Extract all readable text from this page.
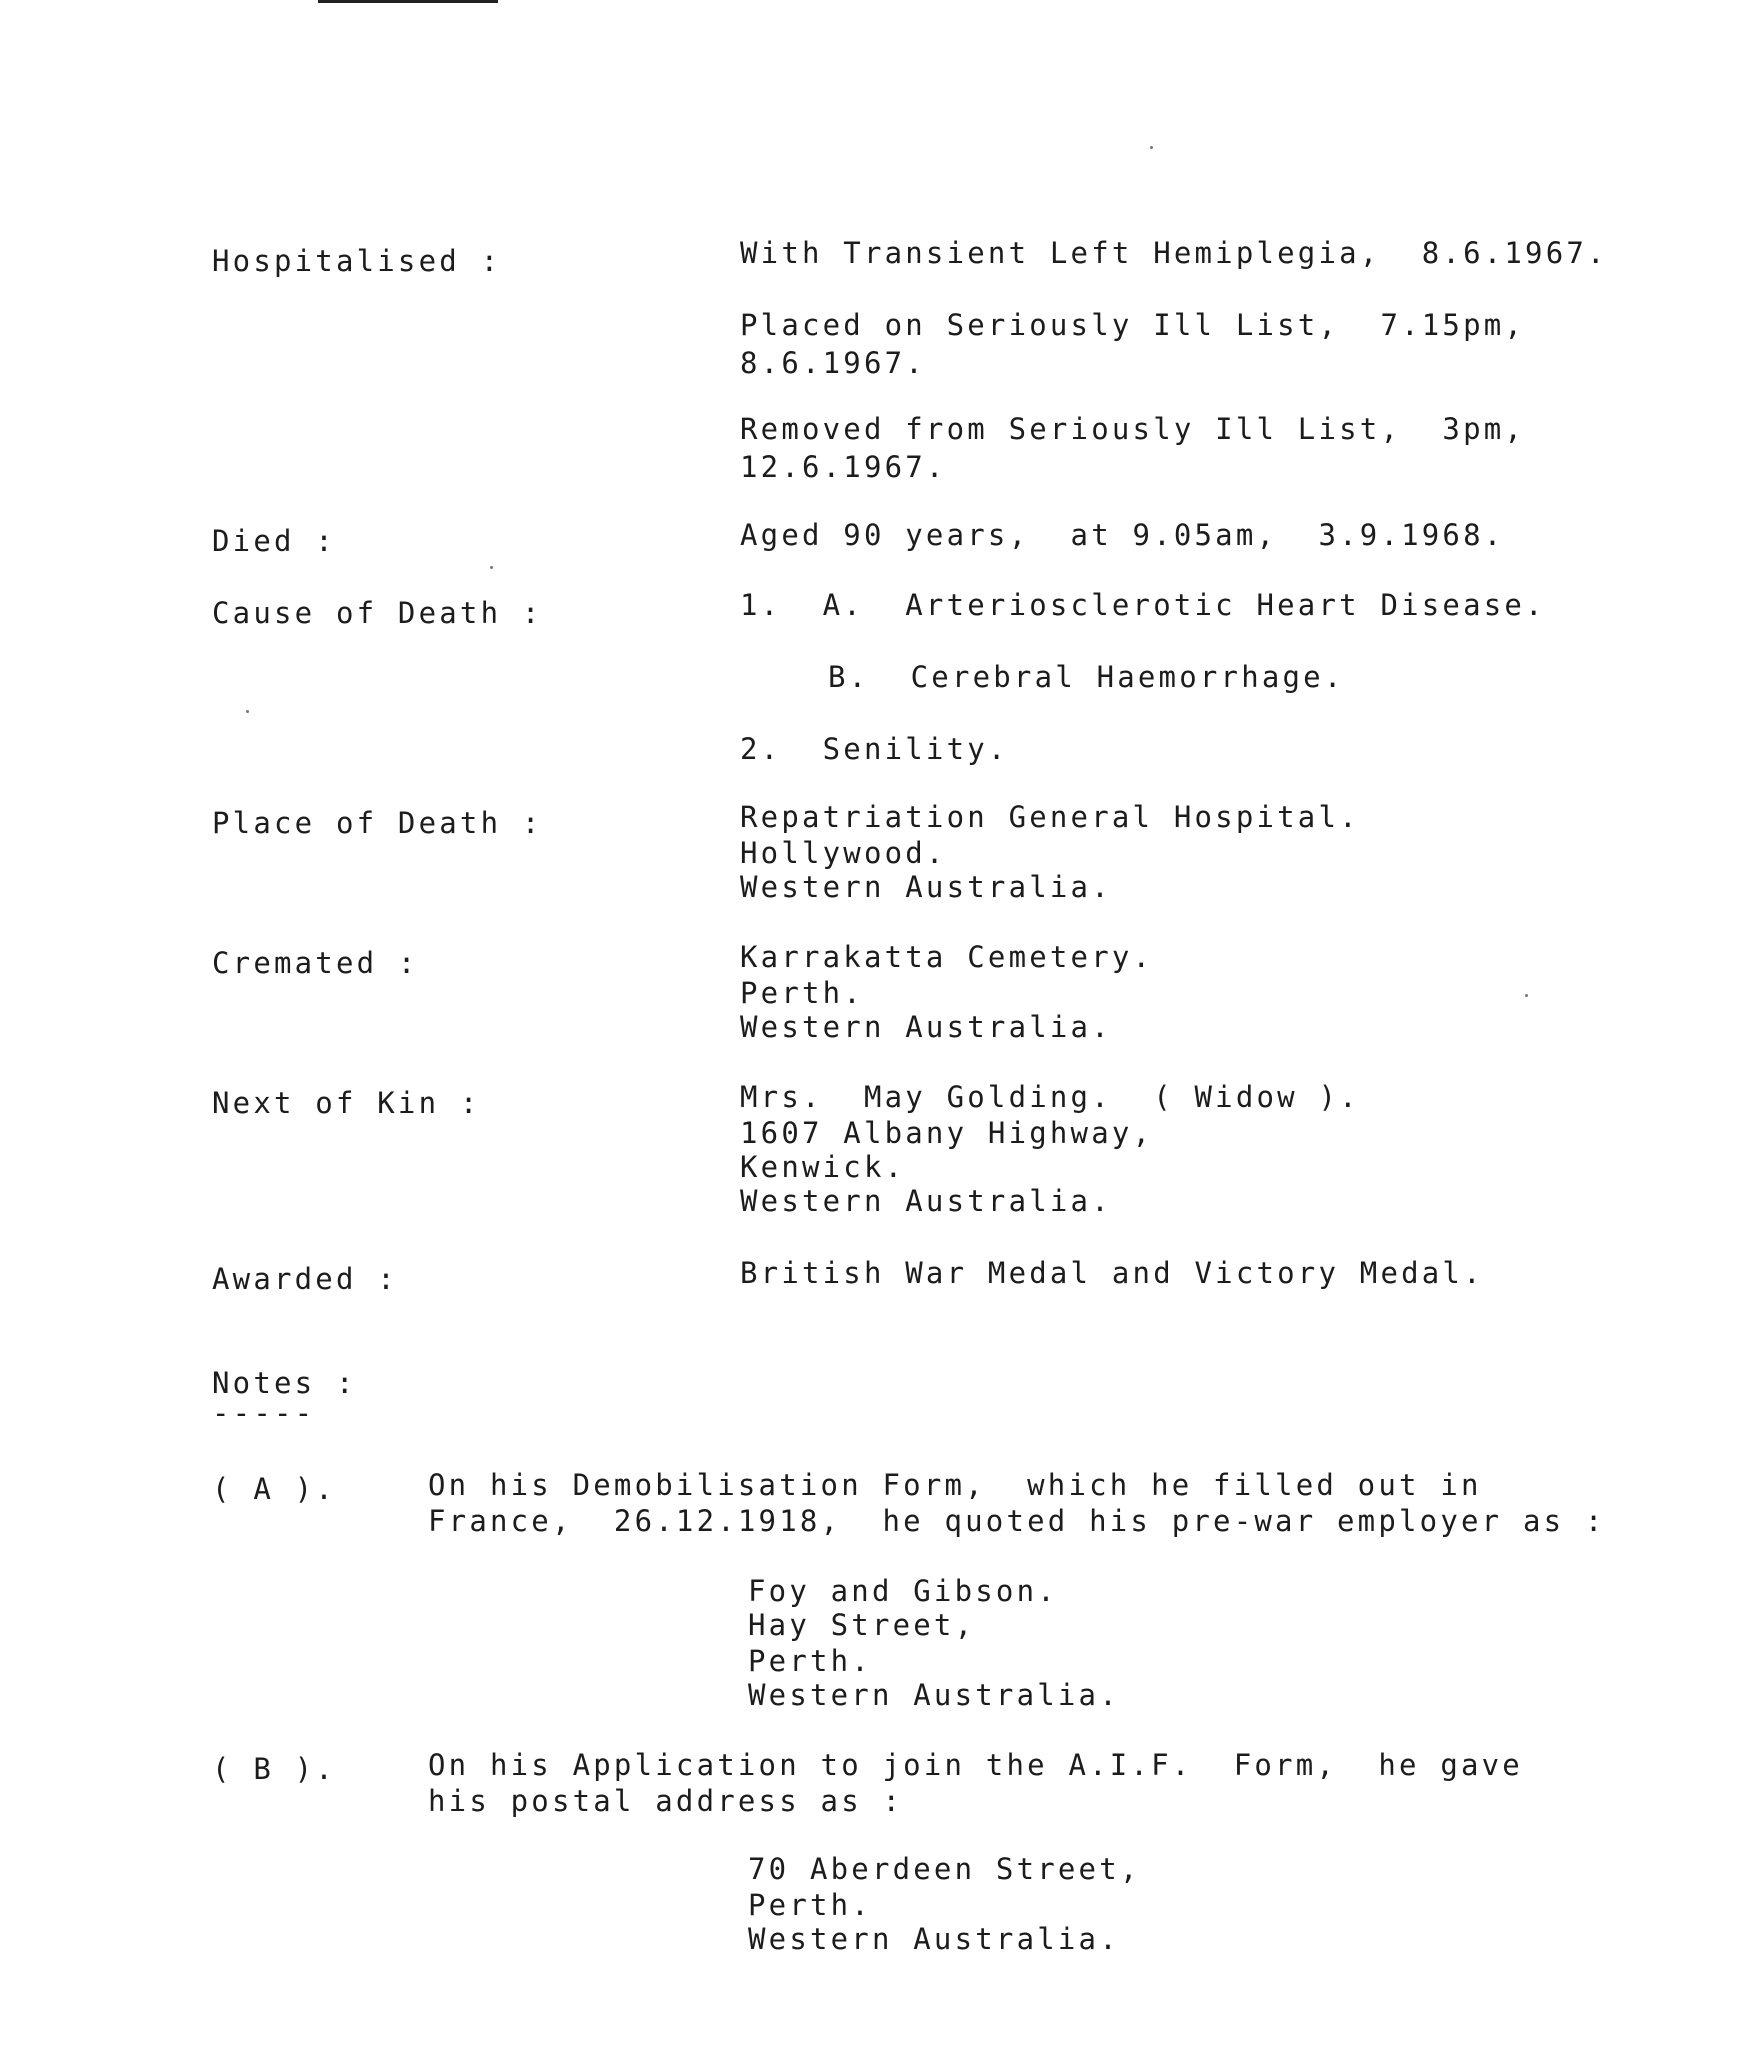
Hospitalised :	With Transient Left Hemiplegia,  8.6.1967.

Placed on Seriously Ill List,  7.15pm,

8.6.1967.

Removed from Seriously Ill List,  3pm,

12.6.1967.

Died :	Aged 90 years,  at 9.05am,  3.9.1968.

Cause of Death :	1.  A.  Arteriosclerotic Heart Disease.

B.  Cerebral Haemorrhage.

2.  Senility.

Place of Death :	Repatriation General Hospital.

Hollywood.

Western Australia.

Cremated :	Karrakatta Cemetery.

Perth.

Western Australia.

Next of Kin :	Mrs.  May Golding.  ( Widow ).

1607 Albany Highway,

Kenwick.

Western Australia.

Awarded :	British War Medal and Victory Medal.

Notes :

-----

( A ).	On his Demobilisation Form,  which he filled out in

France,  26.12.1918,  he quoted his pre-war employer as :

Foy and Gibson.

Hay Street,

Perth.

Western Australia.

( B ).	On his Application to join the A.I.F.  Form,  he gave

his postal address as :

70 Aberdeen Street,

Perth.

Western Australia.
